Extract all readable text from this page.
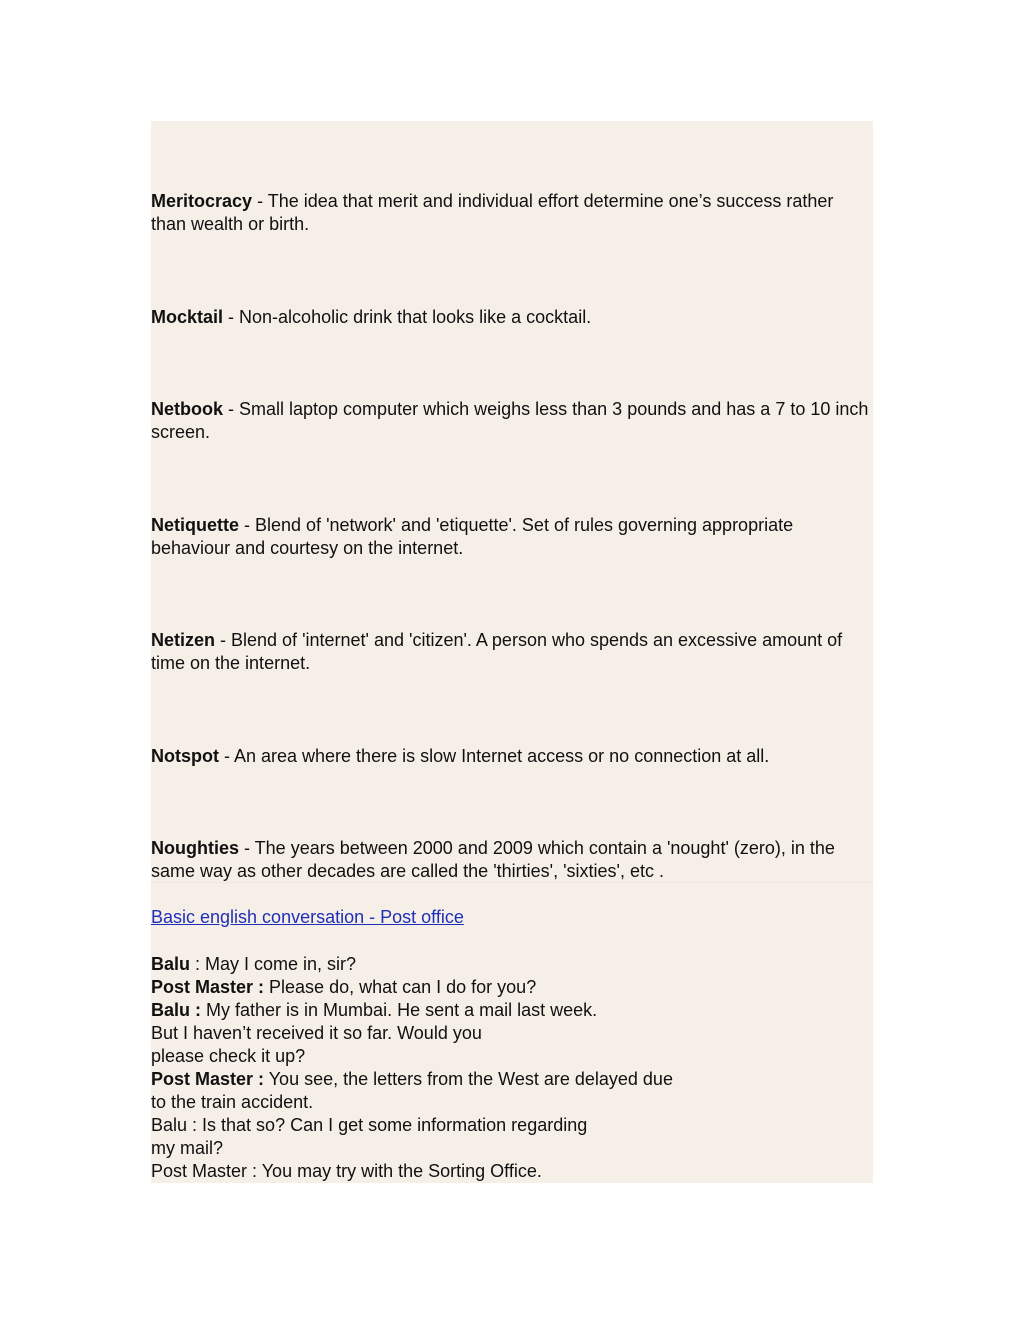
Meritocracy - The idea that merit and individual effort determine one’s success rather than wealth or birth.

Mocktail - Non-alcoholic drink that looks like a cocktail.

Netbook - Small laptop computer which weighs less than 3 pounds and has a 7 to 10 inch screen.

Netiquette - Blend of 'network' and 'etiquette'. Set of rules governing appropriate behaviour and courtesy on the internet.

Netizen - Blend of 'internet' and 'citizen'. A person who spends an excessive amount of time on the internet.

Notspot - An area where there is slow Internet access or no connection at all.

Noughties - The years between 2000 and 2009 which contain a 'nought' (zero), in the same way as other decades are called the 'thirties', 'sixties', etc .

Basic english conversation - Post office
Balu : May I come in, sir?
Post Master : Please do, what can I do for you?
Balu : My father is in Mumbai. He sent a mail last week.
But I haven’t received it so far. Would you
please check it up?
Post Master : You see, the letters from the West are delayed due
to the train accident.
Balu : Is that so? Can I get some information regarding
my mail?
Post Master : You may try with the Sorting Office.
